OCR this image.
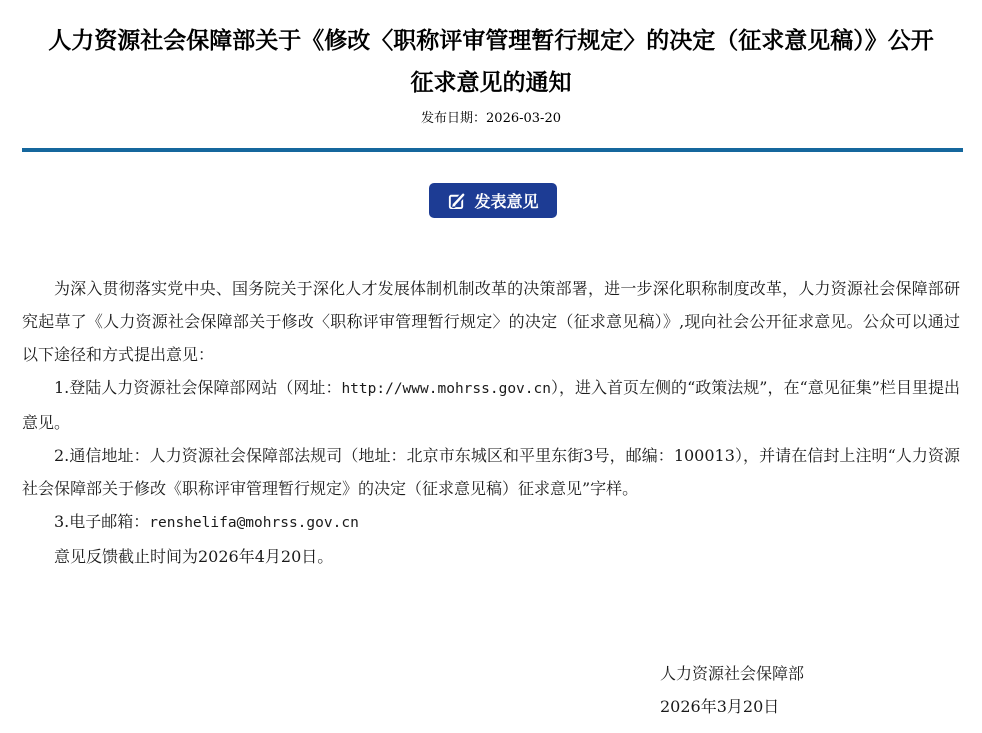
人力资源社会保障部关于《修改〈职称评审管理暂行规定〉的决定（征求意见稿）》公开
征求意见的通知
发布日期：2026-03-20
发表意见

为深入贯彻落实党中央、国务院关于深化人才发展体制机制改革的决策部署，进一步深化职称制度改革，人力资源社会保障部研究起草了《人力资源社会保障部关于修改〈职称评审管理暂行规定〉的决定（征求意见稿）》,现向社会公开征求意见。公众可以通过以下途径和方式提出意见：

1.登陆人力资源社会保障部网站（网址：http://www.mohrss.gov.cn），进入首页左侧的“政策法规”，在“意见征集”栏目里提出意见。

2.通信地址：人力资源社会保障部法规司（地址：北京市东城区和平里东街3号，邮编：100013），并请在信封上注明“人力资源社会保障部关于修改《职称评审管理暂行规定》的决定（征求意见稿）征求意见”字样。

3.电子邮箱：renshelifa@mohrss.gov.cn

意见反馈截止时间为2026年4月20日。

人力资源社会保障部
2026年3月20日
